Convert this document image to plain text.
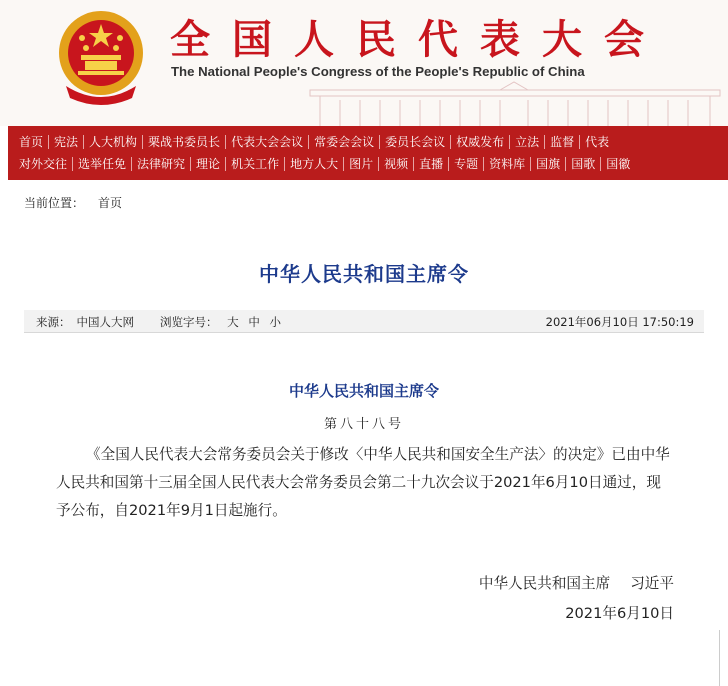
全国人民代表大会
The National People's Congress of the People's Republic of China
首页 宪法 人大机构 栗战书委员长 代表大会会议 常委会会议 委员长会议 权威发布 立法 监督 代表
对外交往 选举任免 法律研究 理论 机关工作 地方人大 图片 视频 直播 专题 资料库 国旗 国歌 国徽
当前位置： 首页
中华人民共和国主席令
来源： 中国人大网 浏览字号： 大 中 小	2021年06月10日 17:50:19
中华人民共和国主席令
第八十八号

《全国人民代表大会常务委员会关于修改〈中华人民共和国安全生产法〉的决定》已由中华人民共和国第十三届全国人民代表大会常务委员会第二十九次会议于2021年6月10日通过，现予公布，自2021年9月1日起施行。

中华人民共和国主席 习近平
2021年6月10日
